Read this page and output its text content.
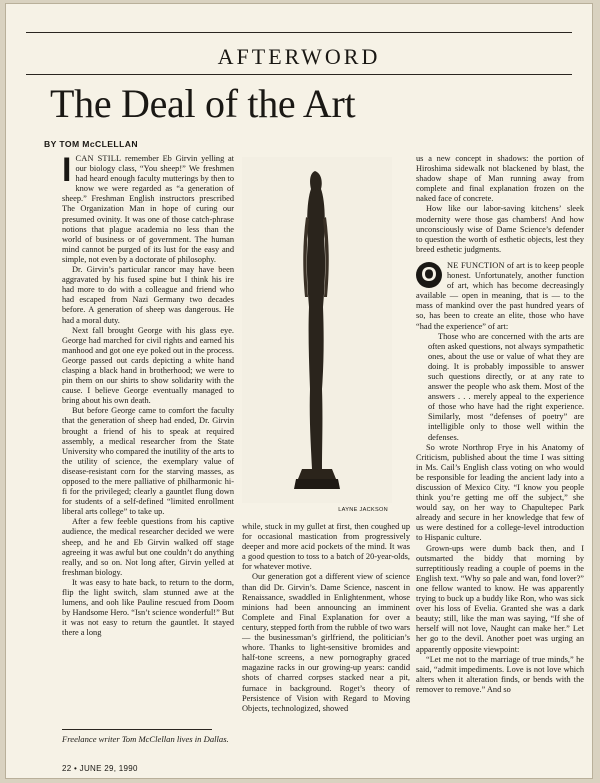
AFTERWORD
The Deal of the Art
BY TOM McCLELLAN

ICAN STILL remember Eb Girvin yelling at our biology class, “You sheep!” We freshmen had heard enough faculty mutterings by then to know we were regarded as “a generation of sheep.” Freshman English instructors prescribed The Organization Man in hope of curing our presumed ovinity. It was one of those catch-phrase notions that plague academia no less than the world of business or of government. The human mind cannot be purged of its lust for the easy and simple, not even by a doctorate of philosophy.

Dr. Girvin’s particular rancor may have been aggravated by his fused spine but I think his ire had more to do with a colleague and friend who had escaped from Nazi Germany two decades before. A generation of sheep was dangerous. He had a moral duty.

Next fall brought George with his glass eye. George had marched for civil rights and earned his manhood and got one eye poked out in the process. George passed out cards depicting a white hand clasping a black hand in brotherhood; we were to pin them on our shirts to show solidarity with the cause. I believe George eventually managed to bring about his own death.

But before George came to comfort the faculty that the generation of sheep had ended, Dr. Girvin brought a friend of his to speak at required assembly, a medical researcher from the State University who compared the inutility of the arts to the utility of science, the exemplary value of disease-resistant corn for the starving masses, as opposed to the mere palliative of philharmonic hi-fi for the privileged; clearly a gauntlet flung down for students of a self-defined “limited enrollment liberal arts college” to take up.

After a few feeble questions from his captive audience, the medical researcher decided we were sheep, and he and Eb Girvin walked off stage agreeing it was awful but one couldn’t do anything really, and so on. Not long after, Girvin yelled at freshman biology.

It was easy to hate back, to return to the dorm, flip the light switch, slam stunned awe at the lumens, and ooh like Pauline rescued from Doom by Handsome Hero. “Isn’t science wonderful!” But it was not easy to return the gauntlet. It stayed there a long

LAYNE JACKSON

while, stuck in my gullet at first, then coughed up for occasional mastication from progressively deeper and more acid pockets of the mind. It was a good question to toss to a batch of 20-year-olds, for whatever motive.

Our generation got a different view of science than did Dr. Girvin’s. Dame Science, nascent in Renaissance, swaddled in Enlightenment, whose minions had been announcing an imminent Complete and Final Explanation for over a century, stepped forth from the rubble of two wars — the businessman’s girlfriend, the politician’s whore. Thanks to light-sensitive bromides and half-tone screens, a new pornography graced magazine racks in our growing-up years: candid shots of charred corpses stacked near a pit, furnace in background. Roget’s theory of Persistence of Vision with Regard to Moving Objects, technologized, showed

us a new concept in shadows: the portion of Hiroshima sidewalk not blackened by blast, the shadow shape of Man running away from complete and final explanation frozen on the naked face of concrete.

How like our labor-saving kitchens’ sleek modernity were those gas chambers! And how unconsciously wise of Dame Science’s defender to question the worth of esthetic objects, lest they breed esthetic judgments.

O	NE FUNCTION of art is to keep people honest. Unfortunately, another function of art, which has become decreasingly available — open in meaning, that is — to the mass of mankind over the past hundred years of so, has been to create an elite, those who have “had the experience” of art:

Those who are concerned with the arts are often asked questions, not always sympathetic ones, about the use or value of what they are doing. It is probably impossible to answer such questions directly, or at any rate to answer the people who ask them. Most of the answers . . . merely appeal to the experience of those who have had the right experience. Similarly, most “defenses of poetry” are intelligible only to those well within the defenses.

So wrote Northrop Frye in his Anatomy of Criticism, published about the time I was sitting in Ms. Cail’s English class voting on who would be responsible for leading the ancient lady into a discussion of Mexico City. “I know you people think you’re getting me off the subject,” she would say, on her way to Chapultepec Park already and secure in her knowledge that few of us were destined for a college-level introduction to Hispanic culture.

Grown-ups were dumb back then, and I outsmarted the biddy that morning by surreptitiously reading a couple of poems in the English text. “Why so pale and wan, fond lover?” one fellow wanted to know. He was apparently trying to buck up a buddy like Ron, who was sick over his loss of Evelia. Granted she was a dark beauty; still, like the man was saying, “If she of herself will not love, Naught can make her.” Let her go to the devil. Another poet was urging an apparently opposite viewpoint:

“Let me not to the marriage of true minds,” he said, “admit impediments. Love is not love which alters when it alteration finds, or bends with the remover to remove.” And so

Freelance writer Tom McClellan lives in Dallas.
22 • JUNE 29, 1990
